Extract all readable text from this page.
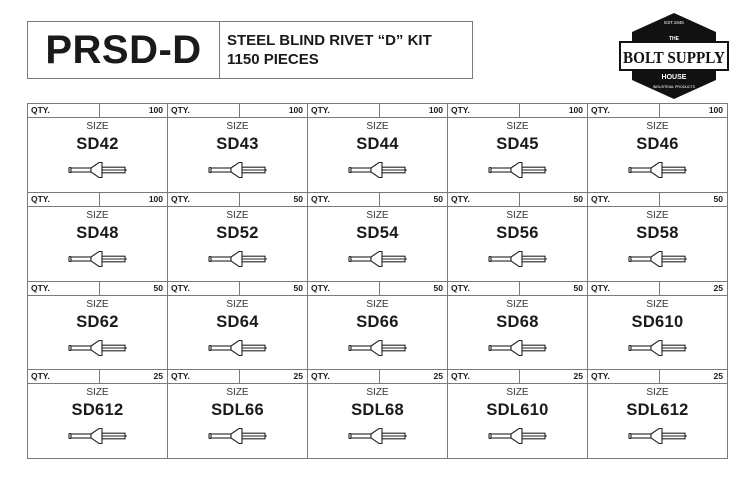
PRSD-D STEEL BLIND RIVET “D” KIT
1150 PIECES
EST.1946
THE
BOLT SUPPLY
HOUSE
INDUSTRIAL PRODUCTS
QTY.	100
SIZE
SD42
QTY.	100
SIZE
SD43
QTY.	100
SIZE
SD44
QTY.	100
SIZE
SD45
QTY.	100
SIZE
SD46
QTY.	100
SIZE
SD48
QTY.	50
SIZE
SD52
QTY.	50
SIZE
SD54
QTY.	50
SIZE
SD56
QTY.	50
SIZE
SD58
QTY.	50
SIZE
SD62
QTY.	50
SIZE
SD64
QTY.	50
SIZE
SD66
QTY.	50
SIZE
SD68
QTY.	25
SIZE
SD610
QTY.	25
SIZE
SD612
QTY.	25
SIZE
SDL66
QTY.	25
SIZE
SDL68
QTY.	25
SIZE
SDL610
QTY.	25
SIZE
SDL612
